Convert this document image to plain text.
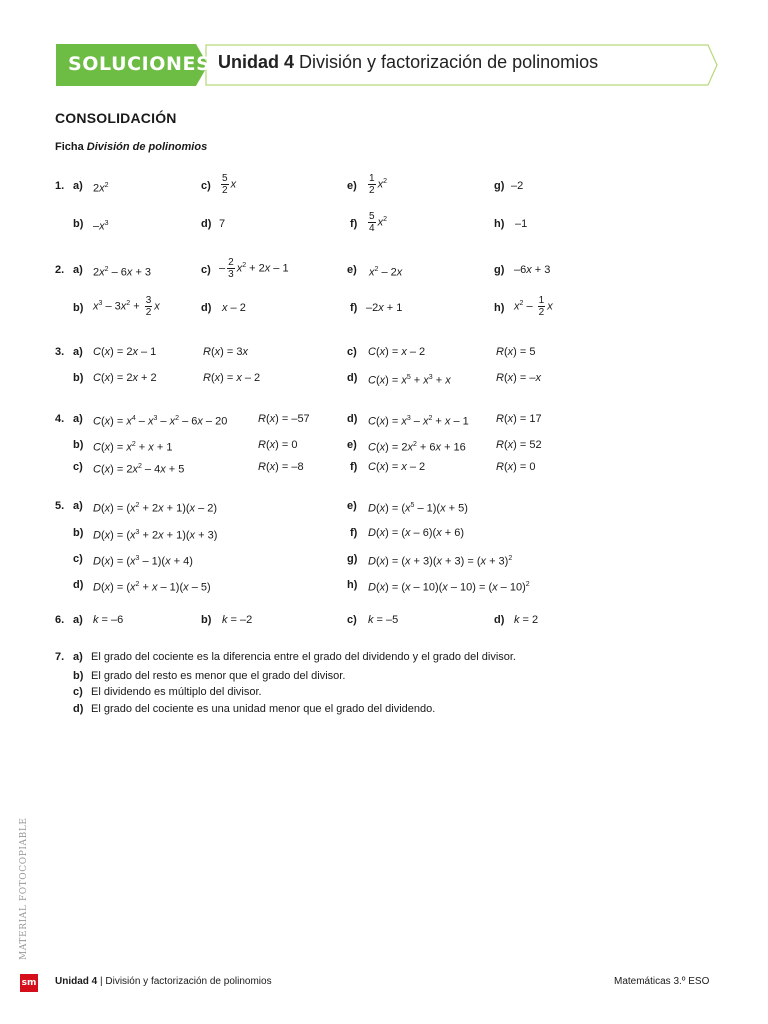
SOLUCIONES Unidad 4 División y factorización de polinomios
CONSOLIDACIÓN
Ficha División de polinomios
1. a) $2x^2$	$c) \frac{5}{2}$ x	$e) \frac{1}{2} x^2$	g) –2
b) $-x^3$	d) 7	$f) \frac{5}{4} x^2$	h) –1
2. a) $2x^2 - 6x + 3$	$c) - \frac{2}{3} x^2 + 2x - 1$	e) $x^2 - 2x$	g) –6x + 3
b) $x^3 - 3x^2 + \frac{3}{2}$ x	d) x – 2	f) –2x + 1	h) $x^2 - \frac{1}{2}$ x
3. a) C(x) = 2x – 1	R(x) = 3x	c) C(x) = x – 2	R(x) = 5
b) C(x) = 2x + 2	R(x) = x – 2	d) $C(x) = x^5 + x^3 + x$	R(x) = –x
4. a) $C(x) = x^4 - x^3 - x^2 - 6x - 20$	R(x) = –57	d) $C(x) = x^3 - x^2 + x - 1$ R(x) = 17
b) $C(x) = x^2 + x + 1$	R(x) = 0	e) $C(x) = 2x^2 + 6x + 16$	R(x) = 52
c) $C(x) = 2x^2 - 4x + 5$	R(x) = –8	f) C(x) = x – 2	R(x) = 0
5. a) $D(x) = (x^2 + 2x + 1)(x - 2)$	e) $D(x) = (x^5 - 1)(x + 5)$
b) $D(x) = (x^3 + 2x + 1)(x + 3)$	f) D(x) = (x – 6)(x + 6)
c) $D(x) = (x^3 - 1)(x + 4)$	g) $D(x) = (x + 3)(x + 3) = (x + 3)^2$
d) $D(x) = (x^2 + x - 1)(x - 5)$	h) D(x) = (x – 10)(x – 10) = (x – 10)$^2$
6. a) k = –6	b) k = –2	c) k = –5	d) k = 2
7. a) El grado del cociente es la diferencia entre el grado del dividendo y el grado del divisor.
b) El grado del resto es menor que el grado del divisor.
c) El dividendo es múltiplo del divisor.
d) El grado del cociente es una unidad menor que el grado del dividendo.
MATERIAL FOTOCOPIABLE
sm Unidad 4 | División y factorización de polinomios	Matemáticas 3.º ESO
